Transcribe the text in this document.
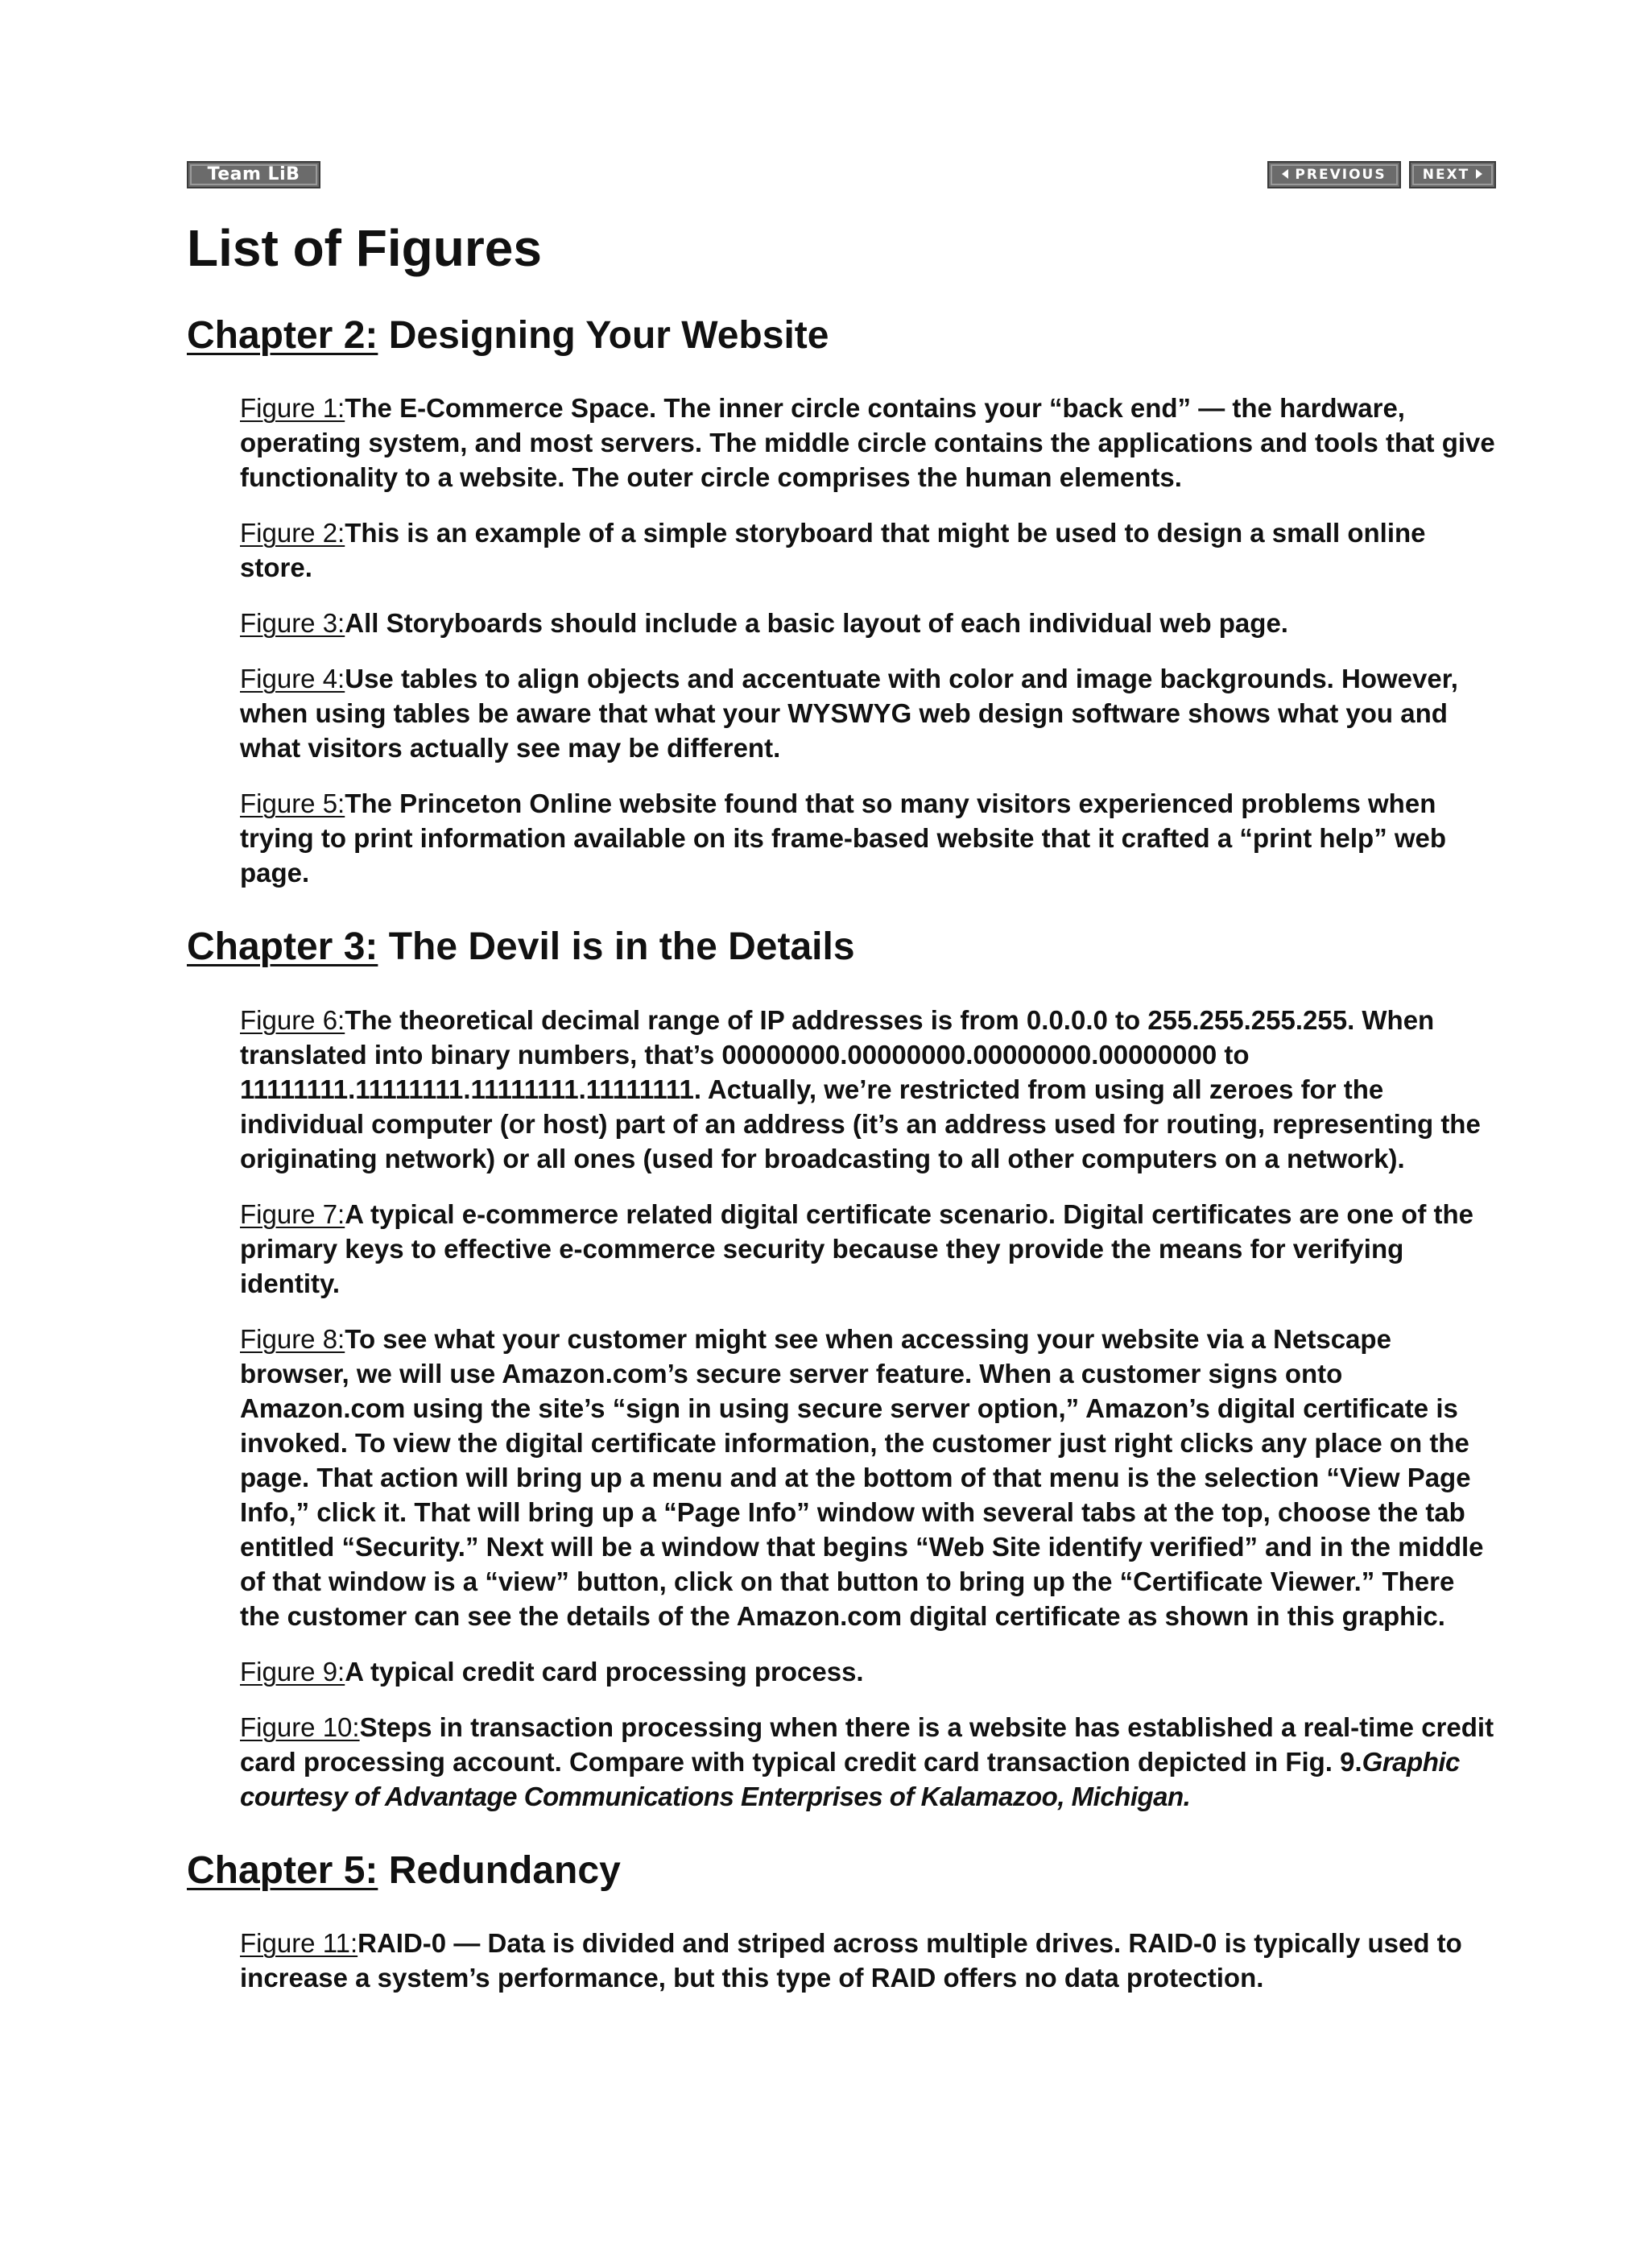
Team LiB	PREVIOUS	NEXT
List of Figures
Chapter 2: Designing Your Website
Figure 1:The E-Commerce Space. The inner circle contains your “back end” — the hardware, operating system, and most servers. The middle circle contains the applications and tools that give functionality to a website. The outer circle comprises the human elements.
Figure 2:This is an example of a simple storyboard that might be used to design a small online store.
Figure 3:All Storyboards should include a basic layout of each individual web page.
Figure 4:Use tables to align objects and accentuate with color and image backgrounds. However, when using tables be aware that what your WYSWYG web design software shows what you and what visitors actually see may be different.
Figure 5:The Princeton Online website found that so many visitors experienced problems when trying to print information available on its frame-based website that it crafted a “print help” web page.
Chapter 3: The Devil is in the Details
Figure 6:The theoretical decimal range of IP addresses is from 0.0.0.0 to 255.255.255.255. When translated into binary numbers, that’s 00000000.00000000.00000000.00000000 to 11111111.11111111.11111111.11111111. Actually, we’re restricted from using all zeroes for the individual computer (or host) part of an address (it’s an address used for routing, representing the originating network) or all ones (used for broadcasting to all other computers on a network).
Figure 7:A typical e-commerce related digital certificate scenario. Digital certificates are one of the primary keys to effective e-commerce security because they provide the means for verifying identity.
Figure 8:To see what your customer might see when accessing your website via a Netscape browser, we will use Amazon.com’s secure server feature. When a customer signs onto Amazon.com using the site’s “sign in using secure server option,” Amazon’s digital certificate is invoked. To view the digital certificate information, the customer just right clicks any place on the page. That action will bring up a menu and at the bottom of that menu is the selection “View Page Info,” click it. That will bring up a “Page Info” window with several tabs at the top, choose the tab entitled “Security.” Next will be a window that begins “Web Site identify verified” and in the middle of that window is a “view” button, click on that button to bring up the “Certificate Viewer.” There the customer can see the details of the Amazon.com digital certificate as shown in this graphic.
Figure 9:A typical credit card processing process.
Figure 10:Steps in transaction processing when there is a website has established a real-time credit card processing account. Compare with typical credit card transaction depicted in Fig. 9.Graphic courtesy of Advantage Communications Enterprises of Kalamazoo, Michigan.
Chapter 5: Redundancy
Figure 11:RAID-0 — Data is divided and striped across multiple drives. RAID-0 is typically used to increase a system’s performance, but this type of RAID offers no data protection.
